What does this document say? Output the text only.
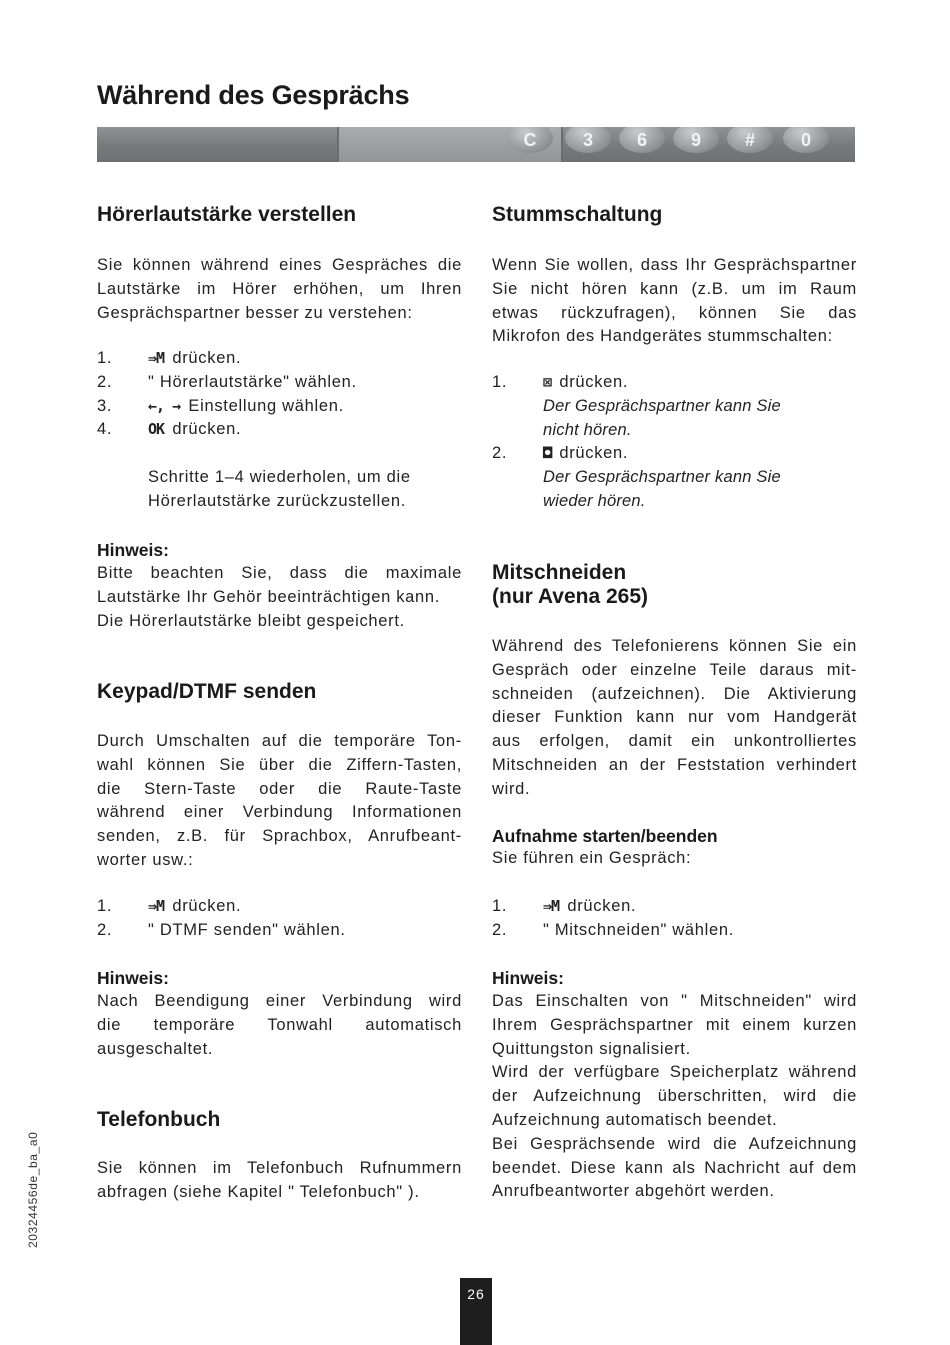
Während des Gesprächs
C	3	6	9	#	0
Hörerlautstärke verstellen

Sie können während eines Gespräches die
Lautstärke im Hörer erhöhen, um Ihren
Gesprächspartner besser zu verstehen:

1. ⇛M drücken.
2. " Hörerlautstärke" wählen.
3. ←, → Einstellung wählen.
4. OK drücken.

Schritte 1–4 wiederholen, um die
Hörerlautstärke zurückzustellen.

Hinweis:

Bitte beachten Sie, dass die maximale
Lautstärke Ihr Gehör beeinträchtigen kann.
Die Hörerlautstärke bleibt gespeichert.

Keypad/DTMF senden

Durch Umschalten auf die temporäre Ton-
wahl können Sie über die Ziffern-Tasten,
die Stern-Taste oder die Raute-Taste
während einer Verbindung Informationen
senden, z.B. für Sprachbox, Anrufbeant-
worter usw.:

1. ⇛M drücken.
2. " DTMF senden" wählen.
Hinweis:

Nach Beendigung einer Verbindung wird
die temporäre Tonwahl automatisch
ausgeschaltet.

Telefonbuch

Sie können im Telefonbuch Rufnummern
abfragen (siehe Kapitel " Telefonbuch" ).

Stummschaltung

Wenn Sie wollen, dass Ihr Gesprächspartner
Sie nicht hören kann (z.B. um im Raum
etwas rückzufragen), können Sie das
Mikrofon des Handgerätes stummschalten:

1. ⊠ drücken.
Der Gesprächspartner kann Sie
nicht hören.
2. ◘ drücken.
Der Gesprächspartner kann Sie
wieder hören.
Mitschneiden
(nur Avena 265)

Während des Telefonierens können Sie ein
Gespräch oder einzelne Teile daraus mit-
schneiden (aufzeichnen). Die Aktivierung
dieser Funktion kann nur vom Handgerät
aus erfolgen, damit ein unkontrolliertes
Mitschneiden an der Feststation verhindert
wird.

Aufnahme starten/beenden

Sie führen ein Gespräch:

1. ⇛M drücken.
2. " Mitschneiden" wählen.
Hinweis:

Das Einschalten von " Mitschneiden" wird
Ihrem Gesprächspartner mit einem kurzen
Quittungston signalisiert.
Wird der verfügbare Speicherplatz während
der Aufzeichnung überschritten, wird die
Aufzeichnung automatisch beendet.
Bei Gesprächsende wird die Aufzeichnung
beendet. Diese kann als Nachricht auf dem
Anrufbeantworter abgehört werden.

20324456de_ba_a0
26
